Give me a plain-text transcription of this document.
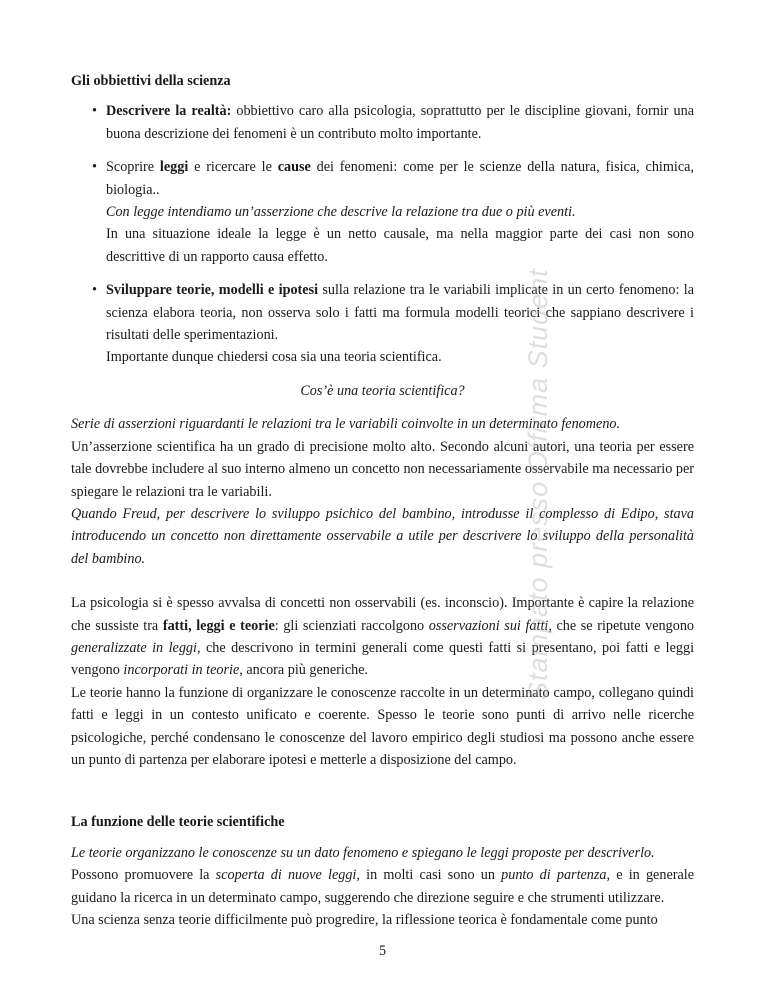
Gli obbiettivi della scienza

• Descrivere la realtà: obbiettivo caro alla psicologia, soprattutto per le discipline giovani, fornir una buona descrizione dei fenomeni è un contributo molto importante.
• Scoprire leggi e ricercare le cause dei fenomeni: come per le scienze della natura, fisica, chimica, biologia..
Con legge intendiamo un’asserzione che descrive la relazione tra due o più eventi.
In una situazione ideale la legge è un netto causale, ma nella maggior parte dei casi non sono descrittive di un rapporto causa effetto.
• Sviluppare teorie, modelli e ipotesi sulla relazione tra le variabili implicate in un certo fenomeno: la scienza elabora teoria, non osserva solo i fatti ma formula modelli teorici che sappiano descrivere i risultati delle sperimentazioni.
Importante dunque chiedersi cosa sia una teoria scientifica.

Cos’è una teoria scientifica?

Serie di asserzioni riguardanti le relazioni tra le variabili coinvolte in un determinato fenomeno.

Un’asserzione scientifica ha un grado di precisione molto alto. Secondo alcuni autori, una teoria per essere tale dovrebbe includere al suo interno almeno un concetto non necessariamente osservabile ma necessario per spiegare le relazioni tra le variabili.

Quando Freud, per descrivere lo sviluppo psichico del bambino, introdusse il complesso di Edipo, stava introducendo un concetto non direttamente osservabile a utile per descrivere lo sviluppo della personalità del bambino.

La psicologia si è spesso avvalsa di concetti non osservabili (es. inconscio). Importante è capire la relazione che sussiste tra fatti, leggi e teorie: gli scienziati raccolgono osservazioni sui fatti, che se ripetute vengono generalizzate in leggi, che descrivono in termini generali come questi fatti si presentano, poi fatti e leggi vengono incorporati in teorie, ancora più generiche.

Le teorie hanno la funzione di organizzare le conoscenze raccolte in un determinato campo, collegano quindi fatti e leggi in un contesto unificato e coerente. Spesso le teorie sono punti di arrivo nelle ricerche psicologiche, perché condensano le conoscenze del lavoro empirico degli studiosi ma possono anche essere un punto di partenza per elaborare ipotesi e metterle a disposizione del campo.

La funzione delle teorie scientifiche

Le teorie organizzano le conoscenze su un dato fenomeno e spiegano le leggi proposte per descriverlo.

Possono promuovere la scoperta di nuove leggi, in molti casi sono un punto di partenza, e in generale guidano la ricerca in un determinato campo, suggerendo che direzione seguire e che strumenti utilizzare.

Una scienza senza teorie difficilmente può progredire, la riflessione teorica è fondamentale come punto

5
Stampato presso Offirma Student
